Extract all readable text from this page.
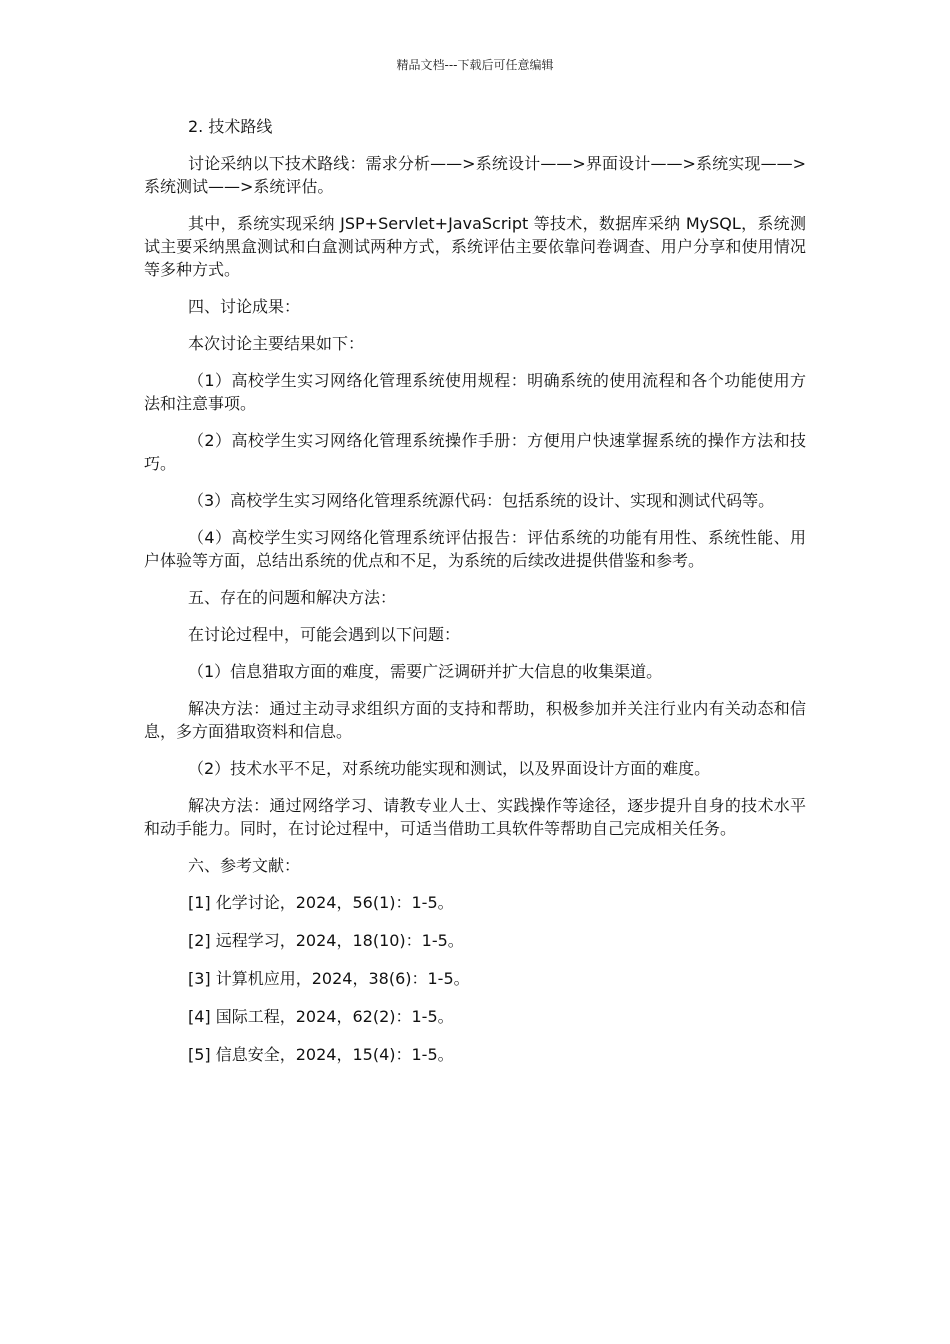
精品文档---下载后可任意编辑

2. 技术路线

讨论采纳以下技术路线：需求分析——>系统设计——>界面设计——>系统实现——>系统测试——>系统评估。

其中，系统实现采纳 JSP+Servlet+JavaScript 等技术，数据库采纳 MySQL，系统测试主要采纳黑盒测试和白盒测试两种方式，系统评估主要依靠问卷调查、用户分享和使用情况等多种方式。

四、讨论成果：

本次讨论主要结果如下：

（1）高校学生实习网络化管理系统使用规程：明确系统的使用流程和各个功能使用方法和注意事项。

（2）高校学生实习网络化管理系统操作手册：方便用户快速掌握系统的操作方法和技巧。

（3）高校学生实习网络化管理系统源代码：包括系统的设计、实现和测试代码等。

（4）高校学生实习网络化管理系统评估报告：评估系统的功能有用性、系统性能、用户体验等方面，总结出系统的优点和不足，为系统的后续改进提供借鉴和参考。

五、存在的问题和解决方法：

在讨论过程中，可能会遇到以下问题：

（1）信息猎取方面的难度，需要广泛调研并扩大信息的收集渠道。

解决方法：通过主动寻求组织方面的支持和帮助，积极参加并关注行业内有关动态和信息，多方面猎取资料和信息。

（2）技术水平不足，对系统功能实现和测试，以及界面设计方面的难度。

解决方法：通过网络学习、请教专业人士、实践操作等途径，逐步提升自身的技术水平和动手能力。同时，在讨论过程中，可适当借助工具软件等帮助自己完成相关任务。

六、参考文献：

[1] 化学讨论，2024，56(1)：1-5。

[2] 远程学习，2024，18(10)：1-5。

[3] 计算机应用，2024，38(6)：1-5。

[4] 国际工程，2024，62(2)：1-5。

[5] 信息安全，2024，15(4)：1-5。
